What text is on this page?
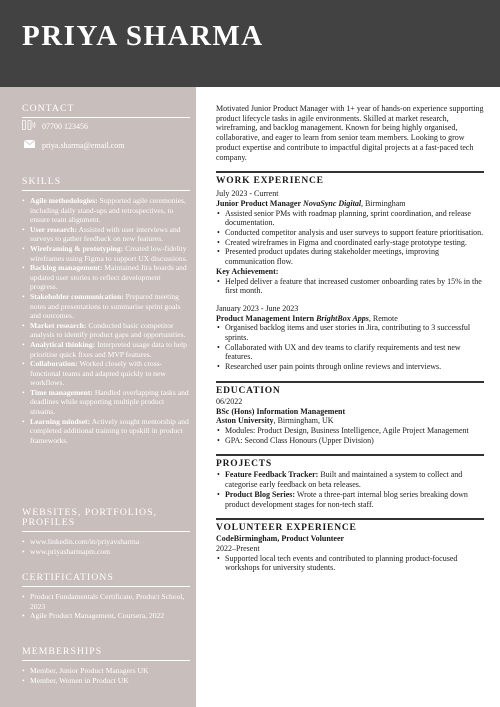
PRIYA SHARMA
CONTACT
07700 123456
priya.sharma@email.com
SKILLS
• Agile methodologies: Supported agile ceremonies, including daily stand-ups and retrospectives, to ensure team alignment.
• User research: Assisted with user interviews and surveys to gather feedback on new features.
• Wireframing & prototyping: Created low-fidelity wireframes using Figma to support UX discussions.
• Backlog management: Maintained Jira boards and updated user stories to reflect development progress.
• Stakeholder communication: Prepared meeting notes and presentations to summarise sprint goals and outcomes.
• Market research: Conducted basic competitor analysis to identify product gaps and opportunities.
• Analytical thinking: Interpreted usage data to help prioritise quick fixes and MVP features.
• Collaboration: Worked closely with cross-functional teams and adapted quickly to new workflows.
• Time management: Handled overlapping tasks and deadlines while supporting multiple product streams.
• Learning mindset: Actively sought mentorship and completed additional training to upskill in product frameworks.
WEBSITES, PORTFOLIOS, PROFILES
• www.linkedin.com/in/priyavsharma
• www.priyasharmapm.com
CERTIFICATIONS
• Product Fundamentals Certificate, Product School, 2023
• Agile Product Management, Coursera, 2022
MEMBERSHIPS
• Member, Junior Product Managers UK
• Member, Women in Product UK

Motivated Junior Product Manager with 1+ year of hands-on experience supporting product lifecycle tasks in agile environments. Skilled at market research, wireframing, and backlog management. Known for being highly organised, collaborative, and eager to learn from senior team members. Looking to grow product expertise and contribute to impactful digital projects at a fast-paced tech company.

WORK EXPERIENCE

July 2023 - Current

Junior Product Manager NovaSync Digital, Birmingham

• Assisted senior PMs with roadmap planning, sprint coordination, and release documentation.
• Conducted competitor analysis and user surveys to support feature prioritisation.
• Created wireframes in Figma and coordinated early-stage prototype testing.
• Presented product updates during stakeholder meetings, improving communication flow.

Key Achievement:

• Helped deliver a feature that increased customer onboarding rates by 15% in the first month.

January 2023 - June 2023

Product Management Intern BrightBox Apps, Remote

• Organised backlog items and user stories in Jira, contributing to 3 successful sprints.
• Collaborated with UX and dev teams to clarify requirements and test new features.
• Researched user pain points through online reviews and interviews.
EDUCATION

06/2022

BSc (Hons) Information Management

Aston University, Birmingham, UK

• Modules: Product Design, Business Intelligence, Agile Project Management
• GPA: Second Class Honours (Upper Division)
PROJECTS
• Feature Feedback Tracker: Built and maintained a system to collect and categorise early feedback on beta releases.
• Product Blog Series: Wrote a three-part internal blog series breaking down product development stages for non-tech staff.
VOLUNTEER EXPERIENCE

CodeBirmingham, Product Volunteer

2022–Present

• Supported local tech events and contributed to planning product-focused workshops for university students.
